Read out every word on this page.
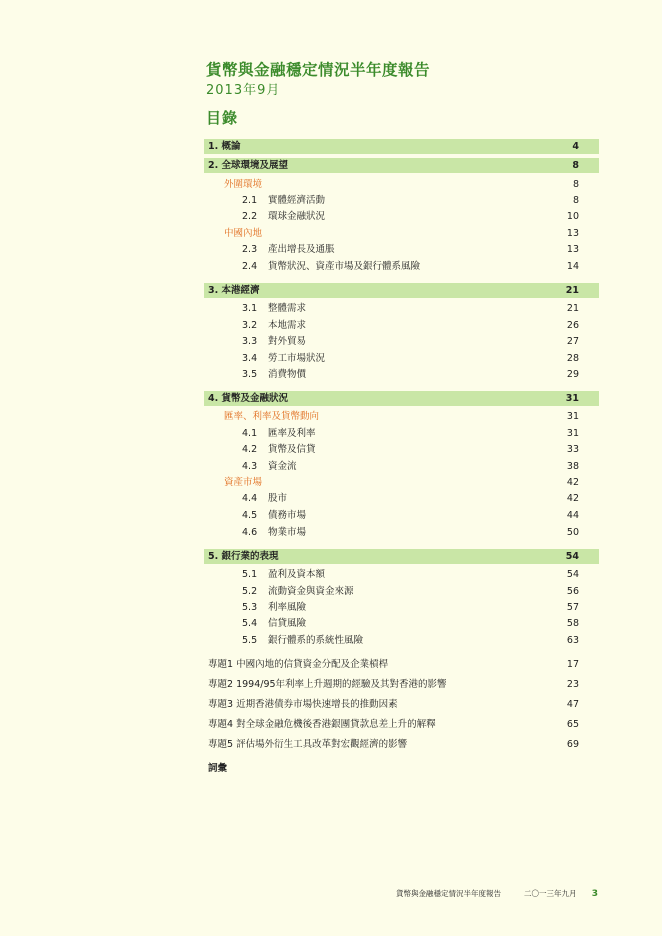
貨幣與金融穩定情況半年度報告
2013年9月
目錄
1. 概論	4
2. 全球環境及展望	8
外圍環境	8
2.1 實體經濟活動	8
2.2 環球金融狀況	10
中國內地	13
2.3 產出增長及通脹	13
2.4 貨幣狀況、資產市場及銀行體系風險	14
3. 本港經濟	21
3.1 整體需求	21
3.2 本地需求	26
3.3 對外貿易	27
3.4 勞工市場狀況	28
3.5 消費物價	29
4. 貨幣及金融狀況	31
匯率、利率及貨幣動向	31
4.1 匯率及利率	31
4.2 貨幣及信貸	33
4.3 資金流	38
資產市場	42
4.4 股市	42
4.5 債務市場	44
4.6 物業市場	50
5. 銀行業的表現	54
5.1 盈利及資本額	54
5.2 流動資金與資金來源	56
5.3 利率風險	57
5.4 信貸風險	58
5.5 銀行體系的系統性風險	63
專題1 中國內地的信貸資金分配及企業槓桿	17
專題2 1994/95年利率上升週期的經驗及其對香港的影響	23
專題3 近期香港債券市場快速增長的推動因素	47
專題4 對全球金融危機後香港銀團貸款息差上升的解釋	65
專題5 評估場外衍生工具改革對宏觀經濟的影響	69
詞彙
貨幣與金融穩定情況半年度報告	二〇一三年九月 3
